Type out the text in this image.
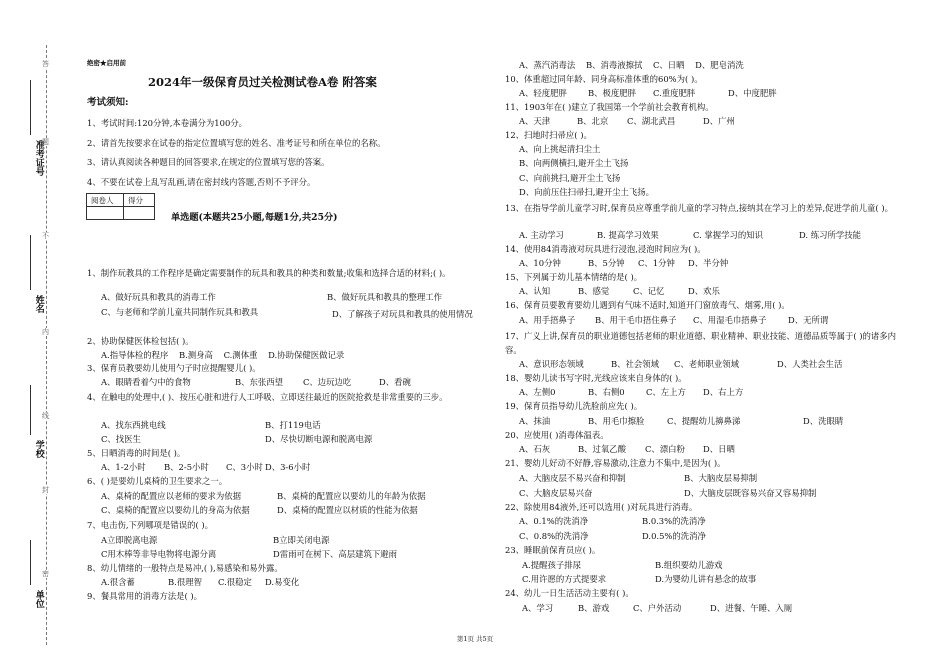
答
题
不
内
线
封
密
准考证号
姓名
学校
单位
绝密★启用前
2024年一级保育员过关检测试卷A卷 附答案
考试须知:
1、考试时间:120分钟,本卷满分为100分。
2、请首先按要求在试卷的指定位置填写您的姓名、准考证号和所在单位的名称。
3、请认真阅读各种题目的回答要求,在规定的位置填写您的答案。
4、不要在试卷上乱写乱画,请在密封线内答题,否则不予评分。
阅卷人	得分

单选题(本题共25小题,每题1分,共25分)
1、制作玩教具的工作程序是确定需要制作的玩具和教具的种类和数量;收集和选择合适的材料;( )。
A、做好玩具和教具的消毒工作	B、做好玩具和教具的整理工作
C、与老师和学前儿童共同制作玩具和教具	D、了解孩子对玩具和教具的使用情况
2、协助保健医体检包括( )。
A.指导体检的程序    B.测身高    C.测体重    D.协助保健医做记录
3、保育员教要幼儿使用勺子时应提醒婴儿( )。
A、眼睛看着勺中的食物	B、东张西望 C、边玩边吃	D、看碗
4、在触电的处理中,( )、按压心脏和进行人工呼吸、立即送往最近的医院抢救是非常重要的三步。
A、找东西挑电线	B、打119电话
C、找医生	D、尽快切断电源和脱离电源
5、日晒消毒的时间是( )。
A、1-2小时 B、2-5小时 C、3小时 D、3-6小时
6、( )是要幼儿桌椅的卫生要求之一。
A、桌椅的配置应以老师的要求为依据	B、桌椅的配置应以要幼儿的年龄为依据
C、桌椅的配置应以要幼儿的身高为依据	D、桌椅的配置应以材质的性能为依据
7、电击伤,下列哪项是错误的( )。
A立即脱离电源	B立即关闭电源
C用木棒等非导电物将电源分离	D雷雨可在树下、高层建筑下避雨
8、幼儿情绪的一般特点是易冲,( ),易感染和易外露。
A.很含蓄	B.很理智 C.很稳定 D.易变化
9、餐具常用的消毒方法是( )。
A、蒸汽消毒法    B、消毒液擦拭    C、日晒    D、肥皂消洗
10、体重超过同年龄、同身高标准体重的60%为( )。
A、轻度肥胖	B、极度肥胖 C.重度肥胖	D、中度肥胖
11、1903年在( )建立了我国第一个学前社会教育机构。
A、天津	B、北京 C、湖北武昌	D、广州
12、扫地时扫帚应( )。
A、向上挑起清扫尘土
B、向两侧横扫,避开尘土飞扬
C、向前挑扫,避开尘土飞扬
D、向前压住扫帚扫,避开尘土飞扬。
13、在指导学前儿童学习时,保育员应尊重学前儿童的学习特点,接纳其在学习上的差异,促进学前儿童( )。
A. 主动学习	B. 提高学习效果	C. 掌握学习的知识	D. 练习所学技能
14、使用84消毒液对玩具进行浸泡,浸泡时间应为( )。
A、10分钟	B、5分钟 C、1分钟 D、半分钟
15、下列属于幼儿基本情绪的是( )。
A、认知	B、感觉	C、记忆	D、欢乐
16、保育员要教育要幼儿遇到有气味不适时,知道开门窗放毒气、烟雾,用( )。
A、用手捂鼻子 B、用干毛巾捂住鼻子 C、用湿毛巾捂鼻子	D、无所谓
17、广义上讲,保育员的职业道德包括老师的职业道德、职业精神、职业技能、道德品质等属于( )的诸多内容。
A、意识形态领域	B、社会领域 C、老师职业领域	D、人类社会生活
18、婴幼儿读书写字时,光线应该来自身体的( )。
A、左侧0	B、右侧0	C、左上方 D、右上方
19、保育员指导幼儿洗脸前应先( )。
A、抹油	B、用毛巾擦脸	C、提醒幼儿擤鼻涕	D、洗眼睛
20、应使用( )消毒体温表。
A、石灰	B、过氧乙酸 C、漂白粉 D、日晒
21、婴幼儿好动不好静,容易激动,注意力不集中,是因为( )。
A、大脑皮层不易兴奋和抑制	B、大脑皮层易抑制
C、大脑皮层易兴奋	D、大脑皮层既容易兴奋又容易抑制
22、除使用84液外,还可以选用( )对玩具进行消毒。
A、0.1%的洗消净	B.0.3%的洗消净
C、0.8%的洗消净	D.0.5%的洗消净
23、睡眠前保育员应( )。
A.提醒孩子排尿	B.组织要幼儿游戏
C.用许愿的方式提要求	D.为婴幼儿讲有悬念的故事
24、幼儿一日生活活动主要有( )。
A、学习	B、游戏	C、户外活动	D、进餐、午睡、入厕
第1页 共5页
